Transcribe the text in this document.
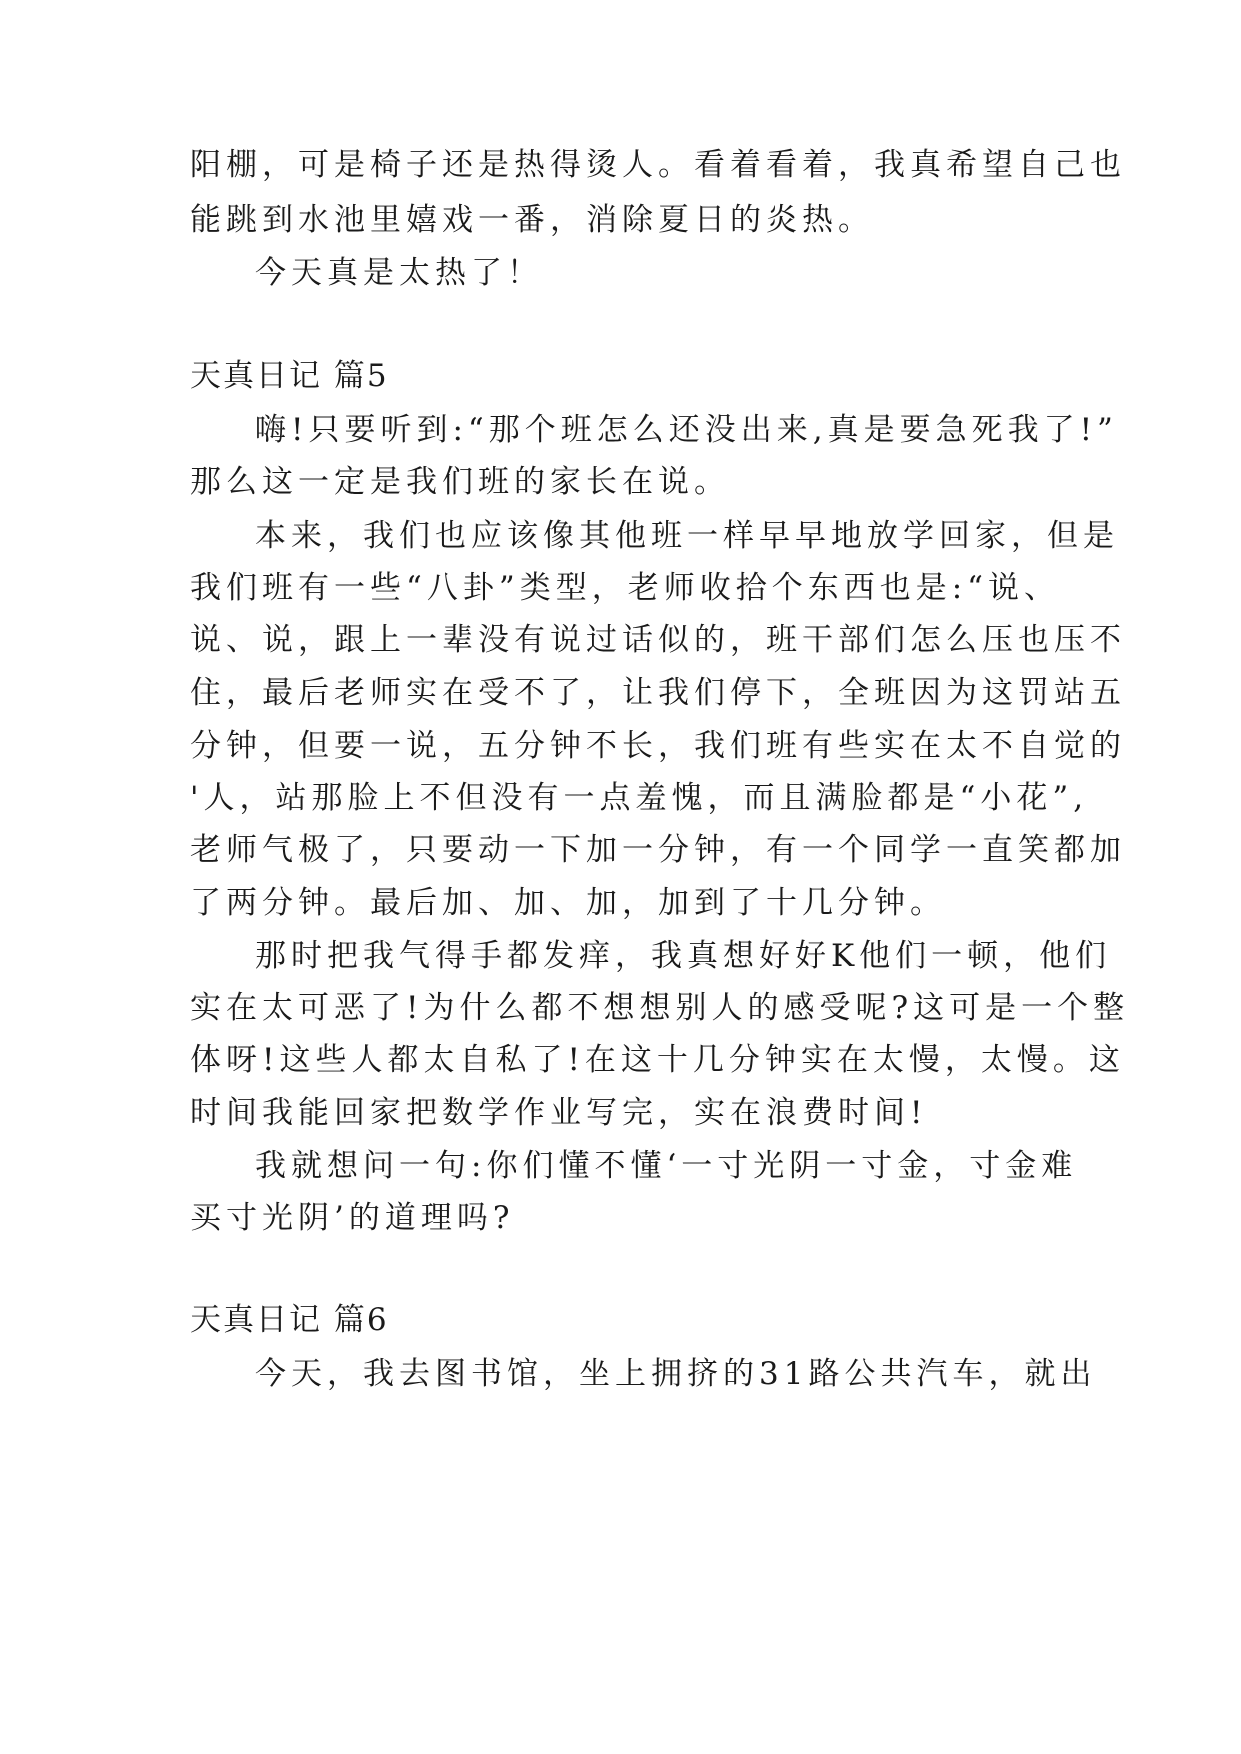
阳棚，可是椅子还是热得烫人。看着看着，我真希望自己也
能跳到水池里嬉戏一番，消除夏日的炎热。
今天真是太热了！
天真日记 篇5
嗨!只要听到:“那个班怎么还没出来,真是要急死我了!”
那么这一定是我们班的家长在说。
本来，我们也应该像其他班一样早早地放学回家，但是
我们班有一些“八卦”类型，老师收拾个东西也是:“说、
说、说，跟上一辈没有说过话似的，班干部们怎么压也压不
住，最后老师实在受不了，让我们停下，全班因为这罚站五
分钟，但要一说，五分钟不长，我们班有些实在太不自觉的
'人，站那脸上不但没有一点羞愧，而且满脸都是“小花”,
老师气极了，只要动一下加一分钟，有一个同学一直笑都加
了两分钟。最后加、加、加，加到了十几分钟。
那时把我气得手都发痒，我真想好好K他们一顿，他们
实在太可恶了!为什么都不想想别人的感受呢?这可是一个整
体呀!这些人都太自私了!在这十几分钟实在太慢，太慢。这
时间我能回家把数学作业写完，实在浪费时间!
我就想问一句:你们懂不懂‘一寸光阴一寸金，寸金难
买寸光阴’的道理吗?
天真日记 篇6
今天，我去图书馆，坐上拥挤的31路公共汽车，就出
